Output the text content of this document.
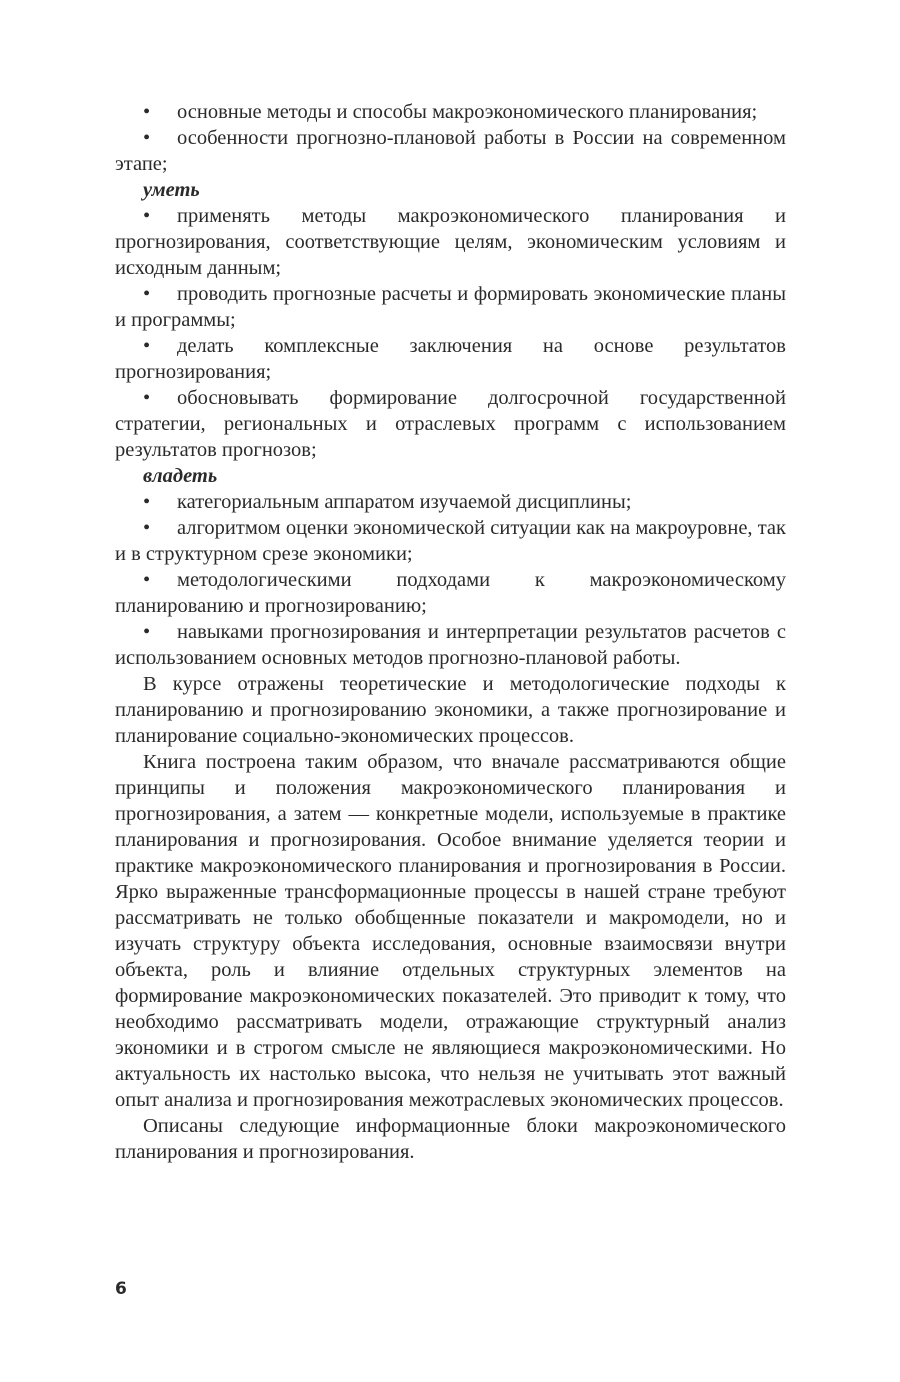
• основные методы и способы макроэкономического планирования;

• особенности прогнозно-плановой работы в России на современном этапе;

уметь

• применять методы макроэкономического планирования и прогнозирования, соответствующие целям, экономическим условиям и исходным данным;

• проводить прогнозные расчеты и формировать экономические планы и программы;

• делать комплексные заключения на основе результатов прогнозирования;

• обосновывать формирование долгосрочной государственной стратегии, региональных и отраслевых программ с использованием результатов прогнозов;

владеть

• категориальным аппаратом изучаемой дисциплины;

• алгоритмом оценки экономической ситуации как на макроуровне, так и в структурном срезе экономики;

• методологическими подходами к макроэкономическому планированию и прогнозированию;

• навыками прогнозирования и интерпретации результатов расчетов с использованием основных методов прогнозно-плановой работы.

В курсе отражены теоретические и методологические подходы к планированию и прогнозированию экономики, а также прогнозирование и планирование социально-экономических процессов.

Книга построена таким образом, что вначале рассматриваются общие принципы и положения макроэкономического планирования и прогнозирования, а затем — конкретные модели, используемые в практике планирования и прогнозирования. Особое внимание уделяется теории и практике макроэкономического планирования и прогнозирования в России. Ярко выраженные трансформационные процессы в нашей стране требуют рассматривать не только обобщенные показатели и макромодели, но и изучать структуру объекта исследования, основные взаимосвязи внутри объекта, роль и влияние отдельных структурных элементов на формирование макроэкономических показателей. Это приводит к тому, что необходимо рассматривать модели, отражающие структурный анализ экономики и в строгом смысле не являющиеся макроэкономическими. Но актуальность их настолько высока, что нельзя не учитывать этот важный опыт анализа и прогнозирования межотраслевых экономических процессов.

Описаны следующие информационные блоки макроэкономического планирования и прогнозирования.

6
